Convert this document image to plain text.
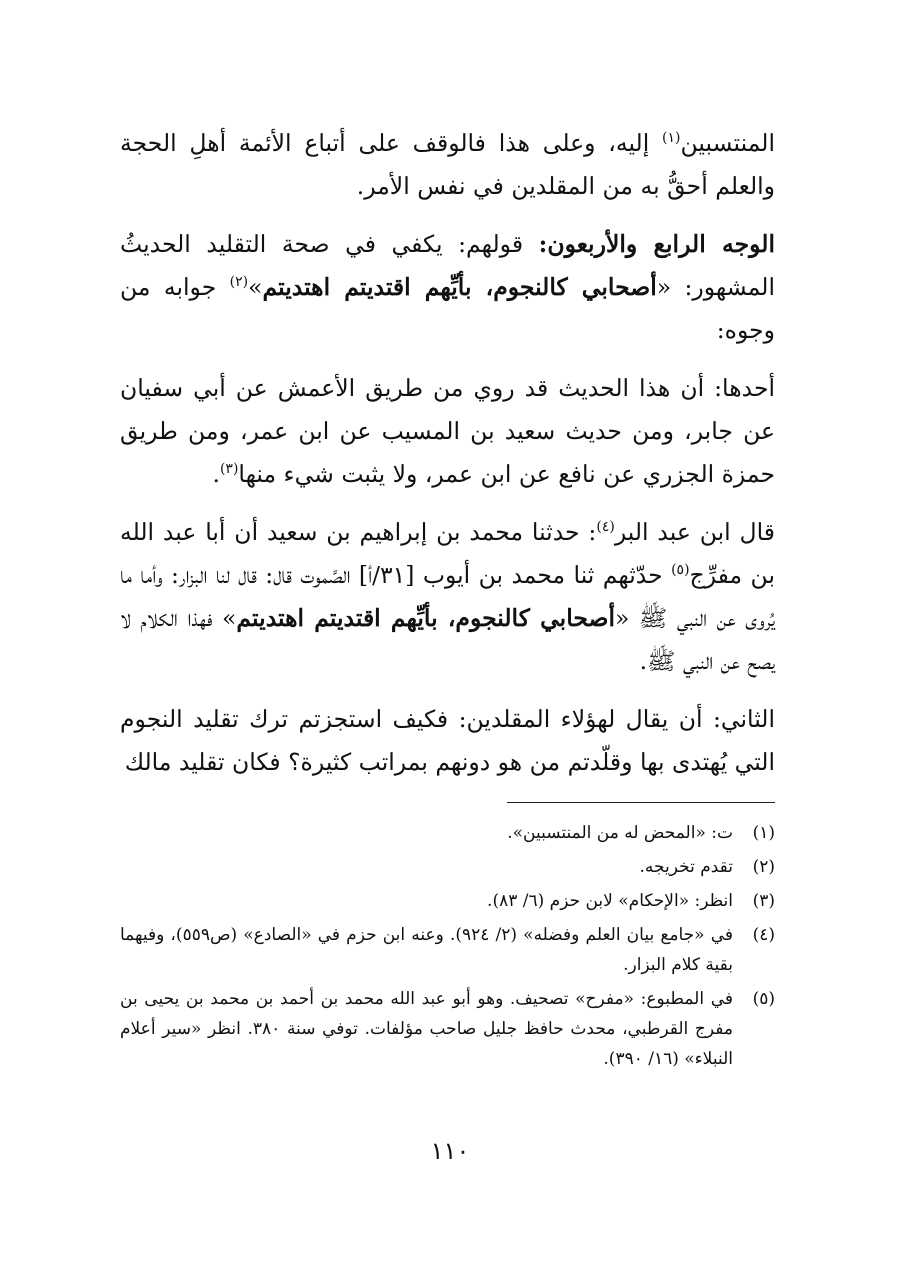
المنتسبين$^{(١)}$ إليه، وعلى هذا فالوقف على أتباع الأئمة أهلِ الحجة والعلم أحقُّ به من المقلدين في نفس الأمر.

الوجه الرابع والأربعون: قولهم: يكفي في صحة التقليد الحديثُ المشهور: «أصحابي كالنجوم، بأيِّهم اقتديتم اهتديتم»$^{(٢)}$ جوابه من وجوه:

أحدها: أن هذا الحديث قد روي من طريق الأعمش عن أبي سفيان عن جابر، ومن حديث سعيد بن المسيب عن ابن عمر، ومن طريق حمزة الجزري عن نافع عن ابن عمر، ولا يثبت شيء منها$^{(٣)}$.

قال ابن عبد البر$^{(٤)}$: حدثنا محمد بن إبراهيم بن سعيد أن أبا عبد الله بن مفرِّج$^{(٥)}$ حدّثهم ثنا محمد بن أيوب [٣١/أ] الصَّموت قال: قال لنا البزار: وأما ما يُروى عن النبي ﷺ «أصحابي كالنجوم، بأيِّهم اقتديتم اهتديتم» فهذا الكلام لا يصح عن النبي ﷺ.

الثاني: أن يقال لهؤلاء المقلدين: فكيف استجزتم ترك تقليد النجوم التي يُهتدى بها وقلّدتم من هو دونهم بمراتب كثيرة؟ فكان تقليد مالك

(١)
ت: «المحض له من المنتسبين».
(٢)
تقدم تخريجه.
(٣)
انظر: «الإحكام» لابن حزم (٦/ ٨٣).
(٤)
في «جامع بيان العلم وفضله» (٢/ ٩٢٤). وعنه ابن حزم في «الصادع» (ص٥٥٩)، وفيهما بقية كلام البزار.
(٥)
في المطبوع: «مفرح» تصحيف. وهو أبو عبد الله محمد بن أحمد بن محمد بن يحيى بن مفرج القرطبي، محدث حافظ جليل صاحب مؤلفات. توفي سنة ٣٨٠. انظر «سير أعلام النبلاء» (١٦/ ٣٩٠).
١١٠
